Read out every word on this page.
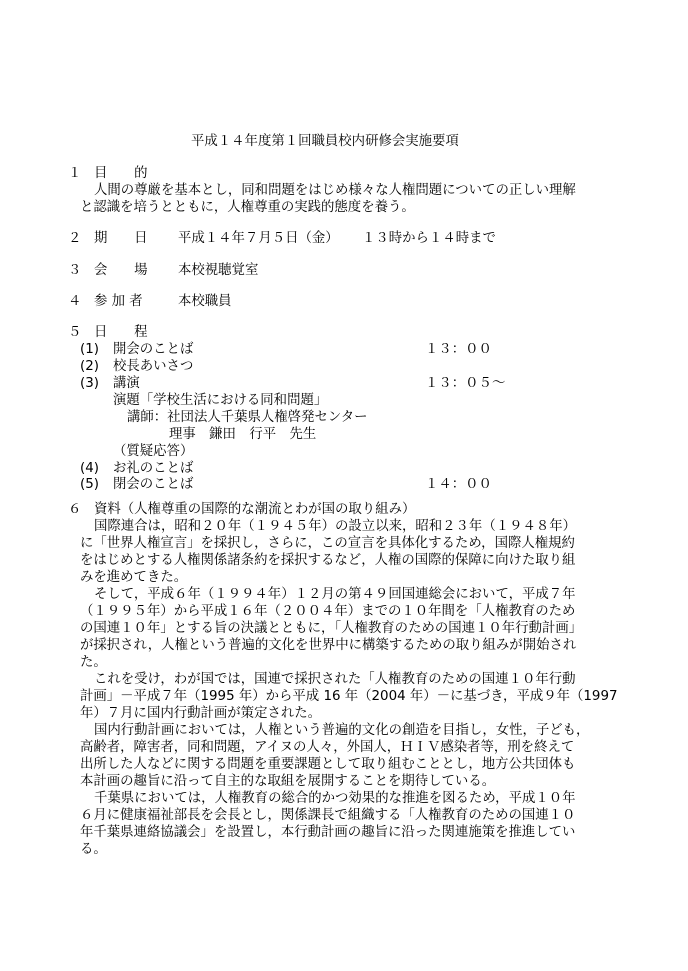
平成１４年度第１回職員校内研修会実施要項
１ 目　　的
人間の尊厳を基本とし，同和問題をはじめ様々な人権問題についての正しい理解
と認識を培うとともに，人権尊重の実践的態度を養う。
２ 期　　日 平成１４年７月５日（金） １３時から１４時まで
３ 会　　場 本校視聴覚室
４ 参 加 者	本校職員
５ 日　　程
(1) 開会のことば	１３：００
(2) 校長あいさつ
(3) 講演	１３：０５～
演題「学校生活における同和問題」
講師：社団法人千葉県人権啓発センター
理事　鎌田　行平　先生
（質疑応答）
(4) お礼のことば
(5) 閉会のことば	１４：００
６ 資料（人権尊重の国際的な潮流とわが国の取り組み）
国際連合は，昭和２０年（１９４５年）の設立以来，昭和２３年（１９４８年）
に「世界人権宣言」を採択し，さらに，この宣言を具体化するため，国際人権規約
をはじめとする人権関係諸条約を採択するなど，人権の国際的保障に向けた取り組
みを進めてきた。
そして，平成６年（１９９４年）１２月の第４９回国連総会において，平成７年
（１９９５年）から平成１６年（２００４年）までの１０年間を「人権教育のため
の国連１０年」とする旨の決議とともに，「人権教育のための国連１０年行動計画」
が採択され，人権という普遍的文化を世界中に構築するための取り組みが開始され
た。
これを受け，わが国では，国連で採択された「人権教育のための国連１０年行動
計画」－平成７年（1995 年）から平成 16 年（2004 年）－に基づき，平成９年（1997
年）７月に国内行動計画が策定された。
国内行動計画においては，人権という普遍的文化の創造を目指し，女性，子ども，
高齢者，障害者，同和問題，アイヌの人々，外国人，ＨＩＶ感染者等，刑を終えて
出所した人などに関する問題を重要課題として取り組むこととし，地方公共団体も
本計画の趣旨に沿って自主的な取組を展開することを期待している。
千葉県においては，人権教育の総合的かつ効果的な推進を図るため，平成１０年
６月に健康福祉部長を会長とし，関係課長で組織する「人権教育のための国連１０
年千葉県連絡協議会」を設置し，本行動計画の趣旨に沿った関連施策を推進してい
る。
